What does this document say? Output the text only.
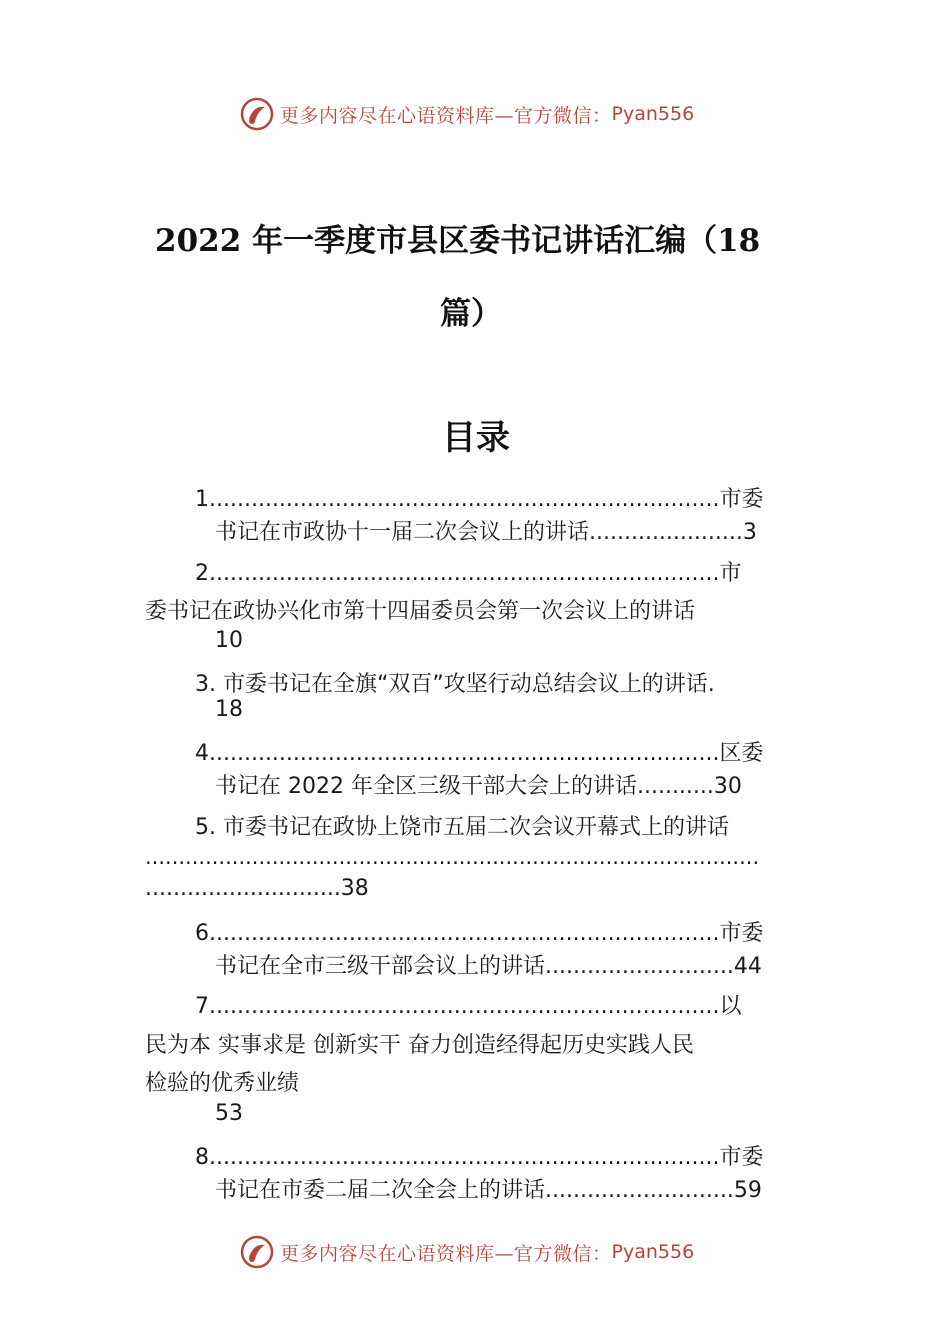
更多内容尽在心语资料库—官方微信： Pyan556
2022 年一季度市县区委书记讲话汇编（18
篇）
目录
1.........................................................................市委
书记在市政协十一届二次会议上的讲话......................3
2.........................................................................市
委书记在政协兴化市第十四届委员会第一次会议上的讲话
10
3. 市委书记在全旗“双百”攻坚行动总结会议上的讲话.
18
4.........................................................................区委
书记在 2022 年全区三级干部大会上的讲话...........30
5. 市委书记在政协上饶市五届二次会议开幕式上的讲话
............................................................................................
............................38
6.........................................................................市委
书记在全市三级干部会议上的讲话...........................44
7.........................................................................以
民为本 实事求是 创新实干 奋力创造经得起历史实践人民
检验的优秀业绩
53
8.........................................................................市委
书记在市委二届二次全会上的讲话...........................59
更多内容尽在心语资料库—官方微信： Pyan556
